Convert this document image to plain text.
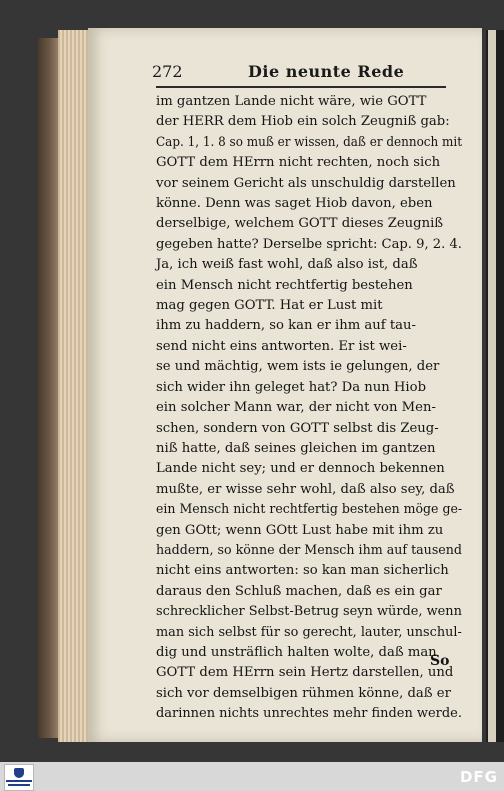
272	Die neunte Rede
im gantzen Lande nicht wäre, wie GOTT
der HERR dem Hiob ein solch Zeugniß gab:
Cap. 1, 1. 8 so muß er wissen, daß er dennoch mit
GOTT dem HErrn nicht rechten, noch sich
vor seinem Gericht als unschuldig darstellen
könne. Denn was saget Hiob davon, eben
derselbige, welchem GOTT dieses Zeugniß
gegeben hatte? Derselbe spricht: Cap. 9, 2. 4.
Ja, ich weiß fast wohl, daß also ist, daß
ein Mensch nicht rechtfertig bestehen
mag gegen GOTT. Hat er Lust mit
ihm zu haddern, so kan er ihm auf tau-
send nicht eins antworten. Er ist wei-
se und mächtig, wem ists ie gelungen, der
sich wider ihn geleget hat? Da nun Hiob
ein solcher Mann war, der nicht von Men-
schen, sondern von GOTT selbst dis Zeug-
niß hatte, daß seines gleichen im gantzen
Lande nicht sey; und er dennoch bekennen
mußte, er wisse sehr wohl, daß also sey, daß
ein Mensch nicht rechtfertig bestehen möge ge-
gen GOtt; wenn GOtt Lust habe mit ihm zu
haddern, so könne der Mensch ihm auf tausend
nicht eins antworten: so kan man sicherlich
daraus den Schluß machen, daß es ein gar
schrecklicher Selbst-Betrug seyn würde, wenn
man sich selbst für so gerecht, lauter, unschul-
dig und unsträflich halten wolte, daß man
GOTT dem HErrn sein Hertz darstellen, und
sich vor demselbigen rühmen könne, daß er
darinnen nichts unrechtes mehr finden werde.
So
DFG
